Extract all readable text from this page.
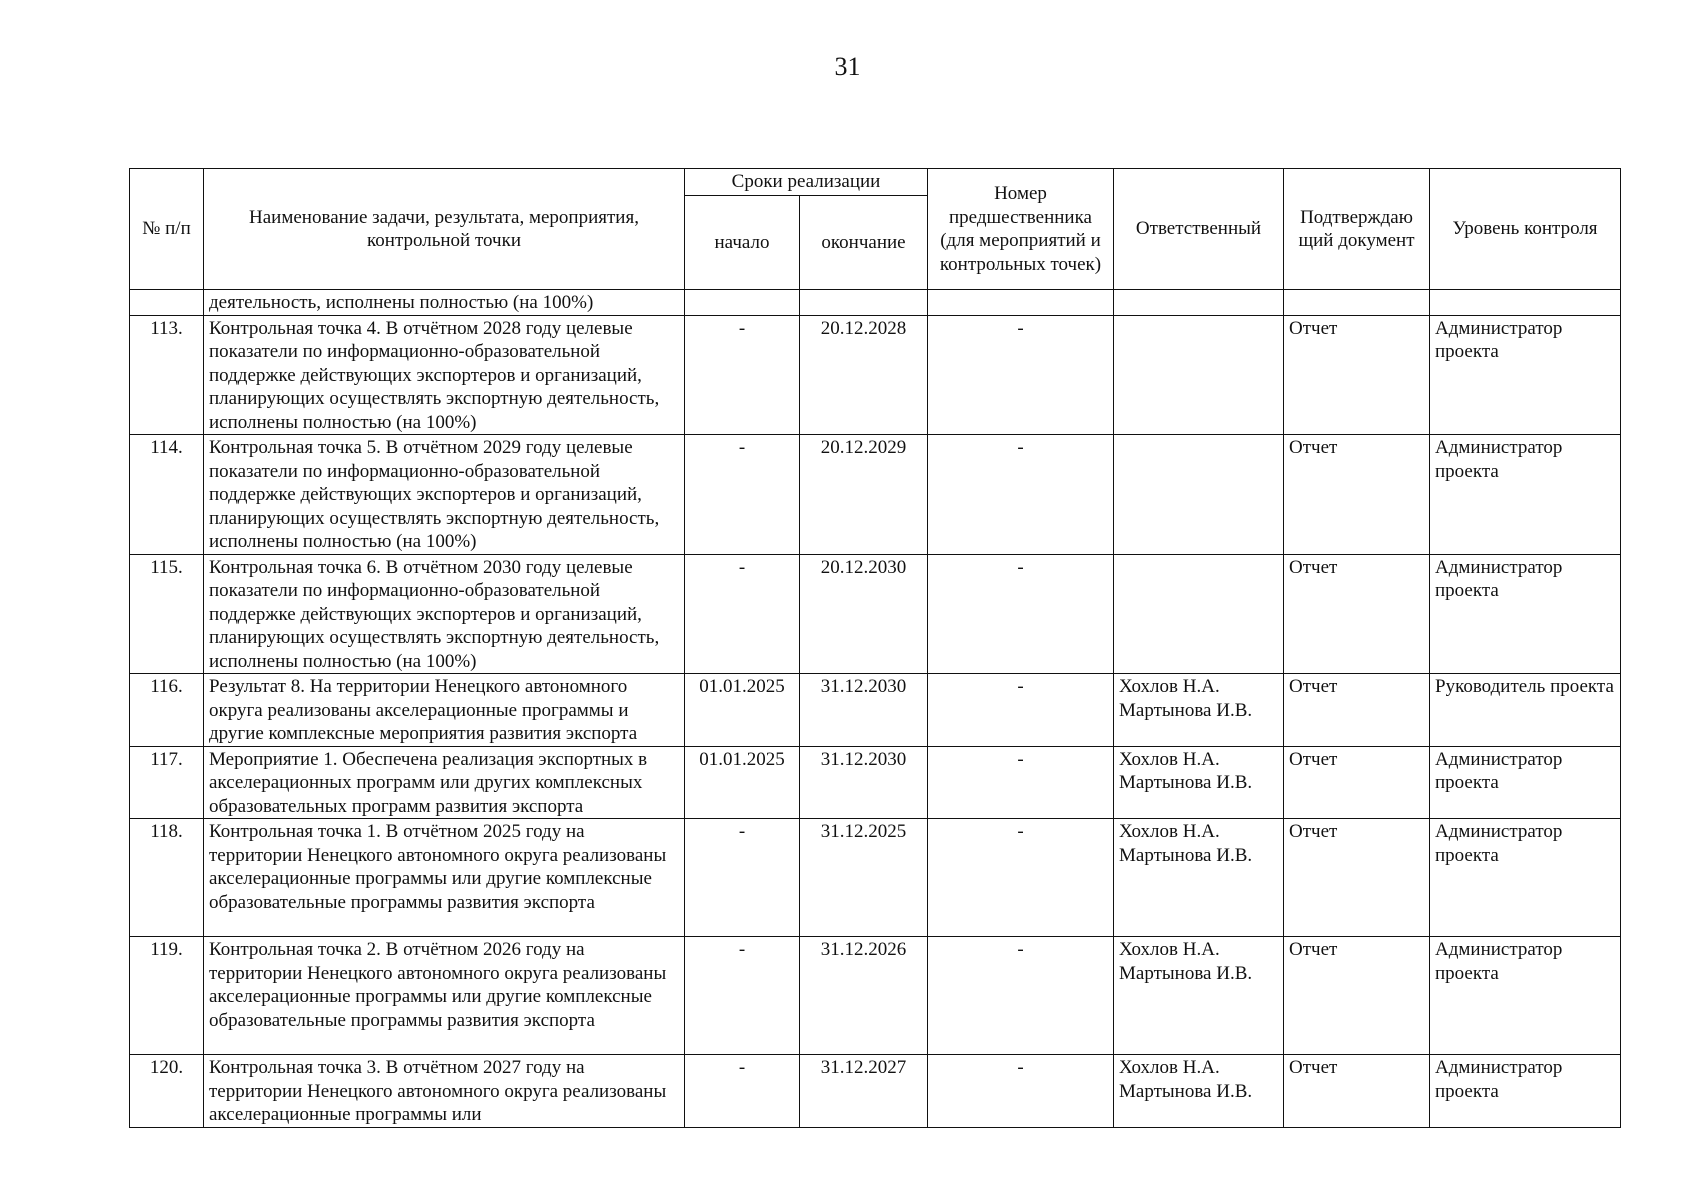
31
№ п/п	Наименование задачи, результата, мероприятия, контрольной точки	Сроки реализации		Номер предшественника (для мероприятий и контрольных точек)	Ответственный	Подтверждаю щий документ	Уровень контроля
		начало	окончание				
	деятельность, исполнены полностью (на 100%)						
113.	Контрольная точка 4. В отчётном 2028 году целевые показатели по информационно-образовательной поддержке действующих экспортеров и организаций, планирующих осуществлять экспортную деятельность, исполнены полностью (на 100%)	-	20.12.2028	-		Отчет	Администратор проекта
114.	Контрольная точка 5. В отчётном 2029 году целевые показатели по информационно-образовательной поддержке действующих экспортеров и организаций, планирующих осуществлять экспортную деятельность, исполнены полностью (на 100%)	-	20.12.2029	-		Отчет	Администратор проекта
115.	Контрольная точка 6. В отчётном 2030 году целевые показатели по информационно-образовательной поддержке действующих экспортеров и организаций, планирующих осуществлять экспортную деятельность, исполнены полностью (на 100%)	-	20.12.2030	-		Отчет	Администратор проекта
116.	Результат 8. На территории Ненецкого автономного округа реализованы акселерационные программы и другие комплексные мероприятия развития экспорта	01.01.2025	31.12.2030	-	Хохлов Н.А. Мартынова И.В.	Отчет	Руководитель проекта
117.	Мероприятие 1. Обеспечена реализация экспортных в акселерационных программ или других комплексных образовательных программ развития экспорта	01.01.2025	31.12.2030	-	Хохлов Н.А. Мартынова И.В.	Отчет	Администратор проекта
118.	Контрольная точка 1. В отчётном 2025 году на территории Ненецкого автономного округа реализованы акселерационные программы или другие комплексные образовательные программы развития экспорта	-	31.12.2025	-	Хохлов Н.А. Мартынова И.В.	Отчет	Администратор проекта
119.	Контрольная точка 2. В отчётном 2026 году на территории Ненецкого автономного округа реализованы акселерационные программы или другие комплексные образовательные программы развития экспорта	-	31.12.2026	-	Хохлов Н.А. Мартынова И.В.	Отчет	Администратор проекта
120.	Контрольная точка 3. В отчётном 2027 году на территории Ненецкого автономного округа реализованы акселерационные программы или	-	31.12.2027	-	Хохлов Н.А. Мартынова И.В.	Отчет	Администратор проекта
